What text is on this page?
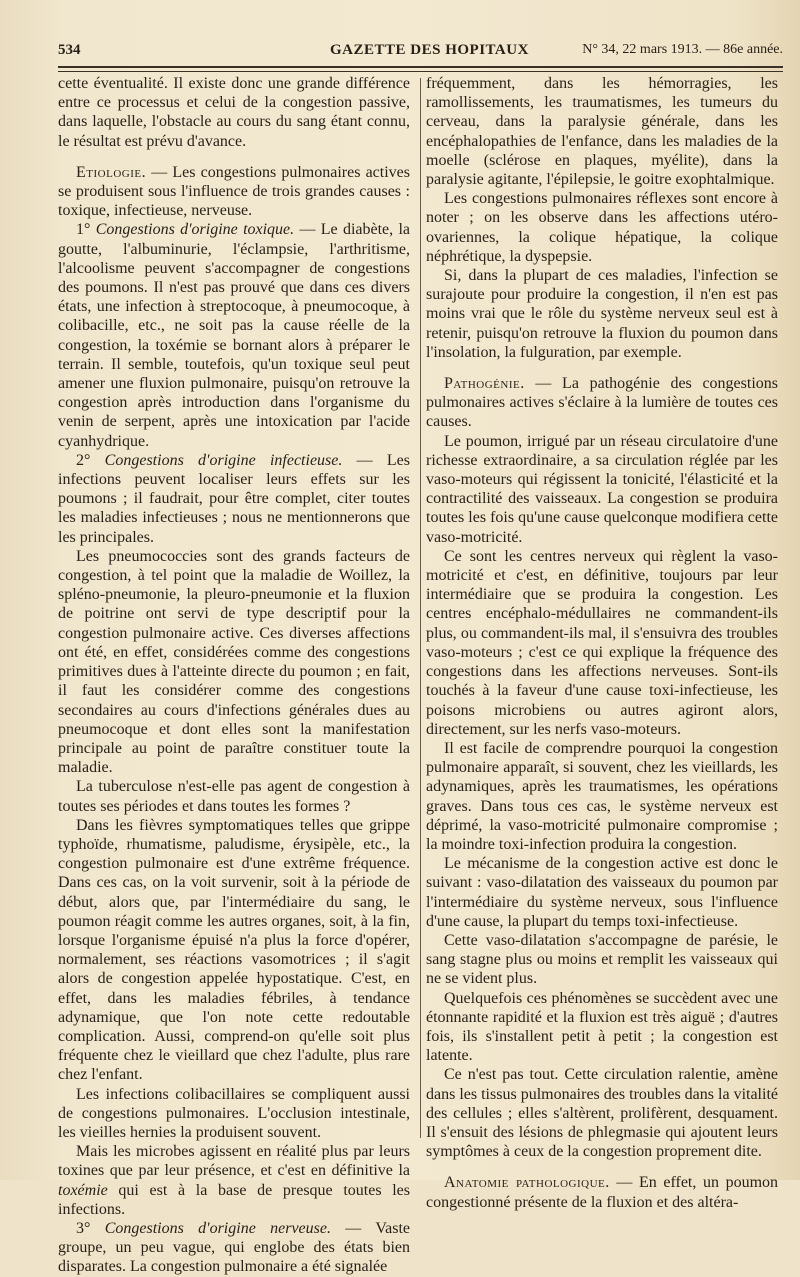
534	GAZETTE DES HOPITAUX	N° 34, 22 mars 1913. — 86e année.

cette éventualité. Il existe donc une grande différence entre ce processus et celui de la congestion passive, dans laquelle, l'obstacle au cours du sang étant connu, le résultat est prévu d'avance.

Etiologie. — Les congestions pulmonaires actives se produisent sous l'influence de trois grandes causes : toxique, infectieuse, nerveuse.

1° Congestions d'origine toxique. — Le diabète, la goutte, l'albuminurie, l'éclampsie, l'arthritisme, l'alcoolisme peuvent s'accompagner de congestions des poumons. Il n'est pas prouvé que dans ces divers états, une infection à streptocoque, à pneumocoque, à colibacille, etc., ne soit pas la cause réelle de la congestion, la toxémie se bornant alors à préparer le terrain. Il semble, toutefois, qu'un toxique seul peut amener une fluxion pulmonaire, puisqu'on retrouve la congestion après introduction dans l'organisme du venin de serpent, après une intoxication par l'acide cyanhydrique.

2° Congestions d'origine infectieuse. — Les infections peuvent localiser leurs effets sur les poumons ; il faudrait, pour être complet, citer toutes les maladies infectieuses ; nous ne mentionnerons que les principales.

Les pneumococcies sont des grands facteurs de congestion, à tel point que la maladie de Woillez, la spléno-pneumonie, la pleuro-pneumonie et la fluxion de poitrine ont servi de type descriptif pour la congestion pulmonaire active. Ces diverses affections ont été, en effet, considérées comme des congestions primitives dues à l'atteinte directe du poumon ; en fait, il faut les considérer comme des congestions secondaires au cours d'infections générales dues au pneumocoque et dont elles sont la manifestation principale au point de paraître constituer toute la maladie.

La tuberculose n'est-elle pas agent de congestion à toutes ses périodes et dans toutes les formes ?

Dans les fièvres symptomatiques telles que grippe typhoïde, rhumatisme, paludisme, érysipèle, etc., la congestion pulmonaire est d'une extrême fréquence. Dans ces cas, on la voit survenir, soit à la période de début, alors que, par l'intermédiaire du sang, le poumon réagit comme les autres organes, soit, à la fin, lorsque l'organisme épuisé n'a plus la force d'opérer, normalement, ses réactions vasomotrices ; il s'agit alors de congestion appelée hypostatique. C'est, en effet, dans les maladies fébriles, à tendance adynamique, que l'on note cette redoutable complication. Aussi, comprend-on qu'elle soit plus fréquente chez le vieillard que chez l'adulte, plus rare chez l'enfant.

Les infections colibacillaires se compliquent aussi de congestions pulmonaires. L'occlusion intestinale, les vieilles hernies la produisent souvent.

Mais les microbes agissent en réalité plus par leurs toxines que par leur présence, et c'est en définitive la toxémie qui est à la base de presque toutes les infections.

3° Congestions d'origine nerveuse. — Vaste groupe, un peu vague, qui englobe des états bien disparates. La congestion pulmonaire a été signalée

fréquemment, dans les hémorragies, les ramollissements, les traumatismes, les tumeurs du cerveau, dans la paralysie générale, dans les encéphalopathies de l'enfance, dans les maladies de la moelle (sclérose en plaques, myélite), dans la paralysie agitante, l'épilepsie, le goitre exophtalmique.

Les congestions pulmonaires réflexes sont encore à noter ; on les observe dans les affections utéro-ovariennes, la colique hépatique, la colique néphrétique, la dyspepsie.

Si, dans la plupart de ces maladies, l'infection se surajoute pour produire la congestion, il n'en est pas moins vrai que le rôle du système nerveux seul est à retenir, puisqu'on retrouve la fluxion du poumon dans l'insolation, la fulguration, par exemple.

Pathogénie. — La pathogénie des congestions pulmonaires actives s'éclaire à la lumière de toutes ces causes.

Le poumon, irrigué par un réseau circulatoire d'une richesse extraordinaire, a sa circulation réglée par les vaso-moteurs qui régissent la tonicité, l'élasticité et la contractilité des vaisseaux. La congestion se produira toutes les fois qu'une cause quelconque modifiera cette vaso-motricité.

Ce sont les centres nerveux qui règlent la vaso-motricité et c'est, en définitive, toujours par leur intermédiaire que se produira la congestion. Les centres encéphalo-médullaires ne commandent-ils plus, ou commandent-ils mal, il s'ensuivra des troubles vaso-moteurs ; c'est ce qui explique la fréquence des congestions dans les affections nerveuses. Sont-ils touchés à la faveur d'une cause toxi-infectieuse, les poisons microbiens ou autres agiront alors, directement, sur les nerfs vaso-moteurs.

Il est facile de comprendre pourquoi la congestion pulmonaire apparaît, si souvent, chez les vieillards, les adynamiques, après les traumatismes, les opérations graves. Dans tous ces cas, le système nerveux est déprimé, la vaso-motricité pulmonaire compromise ; la moindre toxi-infection produira la congestion.

Le mécanisme de la congestion active est donc le suivant : vaso-dilatation des vaisseaux du poumon par l'intermédiaire du système nerveux, sous l'influence d'une cause, la plupart du temps toxi-infectieuse.

Cette vaso-dilatation s'accompagne de parésie, le sang stagne plus ou moins et remplit les vaisseaux qui ne se vident plus.

Quelquefois ces phénomènes se succèdent avec une étonnante rapidité et la fluxion est très aiguë ; d'autres fois, ils s'installent petit à petit ; la congestion est latente.

Ce n'est pas tout. Cette circulation ralentie, amène dans les tissus pulmonaires des troubles dans la vitalité des cellules ; elles s'altèrent, prolifèrent, desquament. Il s'ensuit des lésions de phlegmasie qui ajoutent leurs symptômes à ceux de la congestion proprement dite.

Anatomie pathologique. — En effet, un poumon congestionné présente de la fluxion et des altéra-
